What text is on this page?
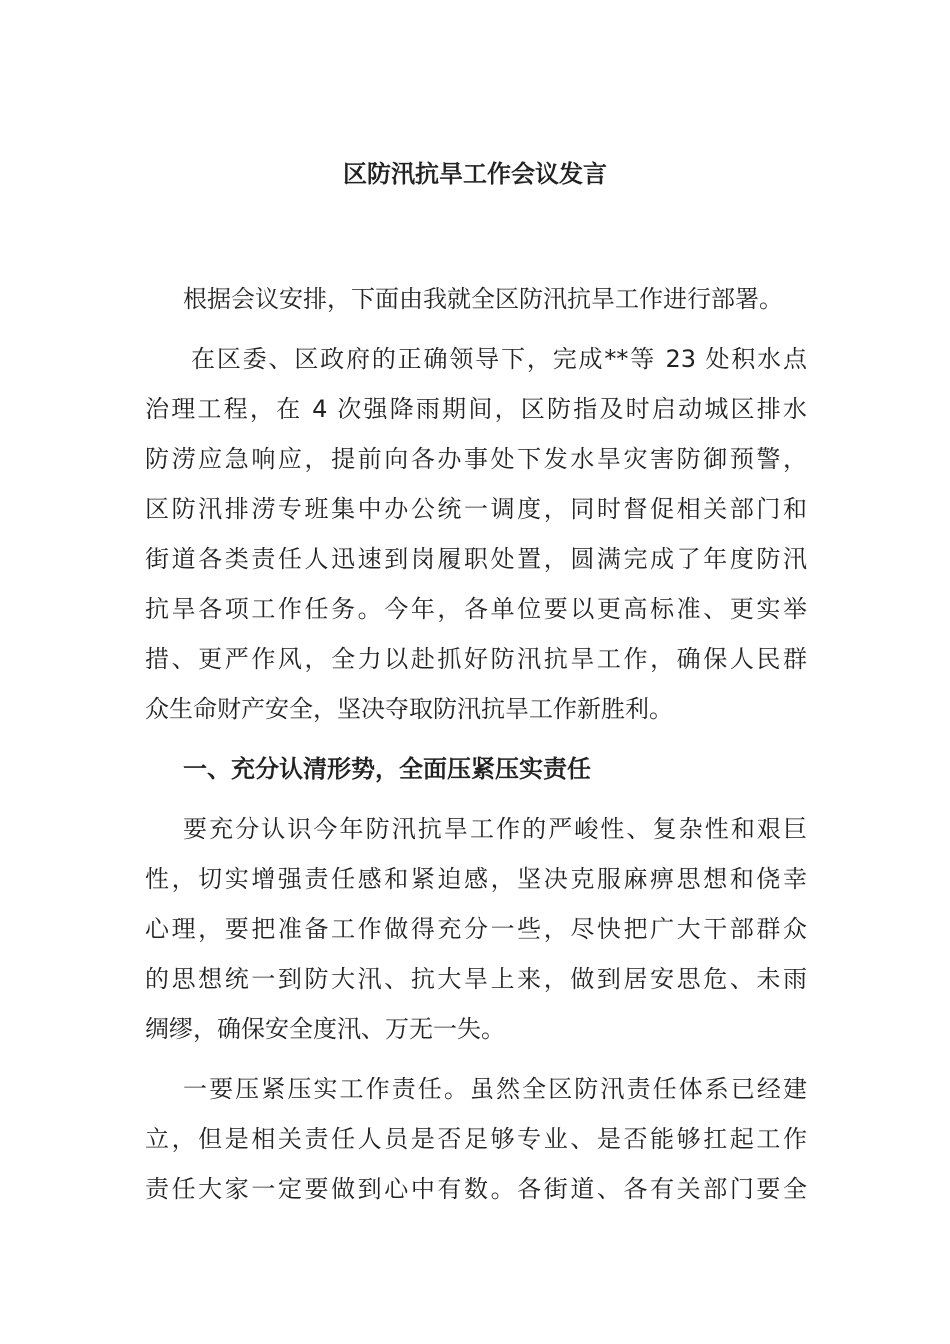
区防汛抗旱工作会议发言

根据会议安排，下面由我就全区防汛抗旱工作进行部署。

在区委、区政府的正确领导下，完成**等 23 处积水点
治理工程，在 4 次强降雨期间，区防指及时启动城区排水
防涝应急响应，提前向各办事处下发水旱灾害防御预警，
区防汛排涝专班集中办公统一调度，同时督促相关部门和
街道各类责任人迅速到岗履职处置，圆满完成了年度防汛
抗旱各项工作任务。今年，各单位要以更高标准、更实举
措、更严作风，全力以赴抓好防汛抗旱工作，确保人民群
众生命财产安全，坚决夺取防汛抗旱工作新胜利。

一、充分认清形势，全面压紧压实责任

要充分认识今年防汛抗旱工作的严峻性、复杂性和艰巨
性，切实增强责任感和紧迫感，坚决克服麻痹思想和侥幸
心理，要把准备工作做得充分一些，尽快把广大干部群众
的思想统一到防大汛、抗大旱上来，做到居安思危、未雨
绸缪，确保安全度汛、万无一失。

一要压紧压实工作责任。虽然全区防汛责任体系已经建
立，但是相关责任人员是否足够专业、是否能够扛起工作
责任大家一定要做到心中有数。各街道、各有关部门要全
